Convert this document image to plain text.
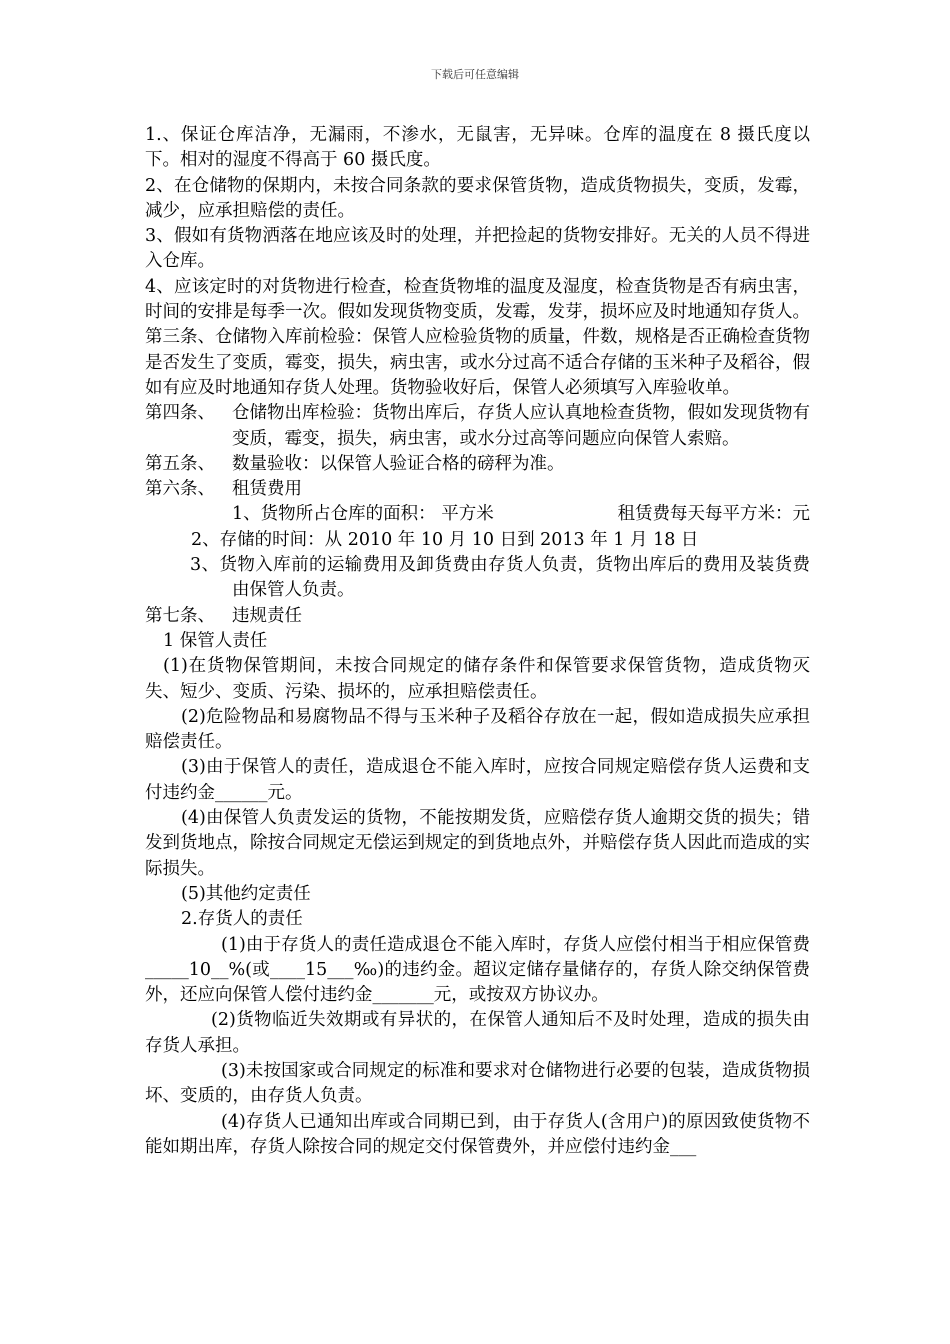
下载后可任意编辑

1.、保证仓库洁净，无漏雨，不渗水，无鼠害，无异味。仓库的温度在 8 摄氏度以下。相对的湿度不得高于 60 摄氏度。

2、在仓储物的保期内，未按合同条款的要求保管货物，造成货物损失，变质，发霉，减少，应承担赔偿的责任。

3、假如有货物洒落在地应该及时的处理，并把捡起的货物安排好。无关的人员不得进入仓库。

4、应该定时的对货物进行检查，检查货物堆的温度及湿度，检查货物是否有病虫害，时间的安排是每季一次。假如发现货物变质，发霉，发芽，损坏应及时地通知存货人。

第三条、仓储物入库前检验：保管人应检验货物的质量，件数，规格是否正确检查货物是否发生了变质，霉变，损失，病虫害，或水分过高不适合存储的玉米种子及稻谷，假如有应及时地通知存货人处理。货物验收好后，保管人必须填写入库验收单。

第四条、 仓储物出库检验：货物出库后，存货人应认真地检查货物，假如发现货物有变质，霉变，损失，病虫害，或水分过高等问题应向保管人索赔。
第五条、 数量验收：以保管人验证合格的磅秤为准。
第六条、 租赁费用
1、货物所占仓库的面积： 平方米	租赁费每天每平方米：元

2、存储的时间：从 2010 年 10 月 10 日到 2013 年 1 月 18 日

3、货物入库前的运输费用及卸货费由存货人负责，货物出库后的费用及装货费由保管人负责。

第七条、 违规责任

1 保管人责任

(1)在货物保管期间，未按合同规定的储存条件和保管要求保管货物，造成货物灭失、短少、变质、污染、损坏的，应承担赔偿责任。

(2)危险物品和易腐物品不得与玉米种子及稻谷存放在一起，假如造成损失应承担赔偿责任。

(3)由于保管人的责任，造成退仓不能入库时，应按合同规定赔偿存货人运费和支付违约金______元。

(4)由保管人负责发运的货物，不能按期发货，应赔偿存货人逾期交货的损失；错发到货地点，除按合同规定无偿运到规定的到货地点外，并赔偿存货人因此而造成的实际损失。

(5)其他约定责任

2.存货人的责任

(1)由于存货人的责任造成退仓不能入库时，存货人应偿付相当于相应保管费_____10__%(或____15___‰)的违约金。超议定储存量储存的，存货人除交纳保管费外，还应向保管人偿付违约金_______元，或按双方协议办。

(2)货物临近失效期或有异状的，在保管人通知后不及时处理，造成的损失由存货人承担。

(3)未按国家或合同规定的标准和要求对仓储物进行必要的包装，造成货物损坏、变质的，由存货人负责。

(4)存货人已通知出库或合同期已到，由于存货人(含用户)的原因致使货物不能如期出库，存货人除按合同的规定交付保管费外，并应偿付违约金___
